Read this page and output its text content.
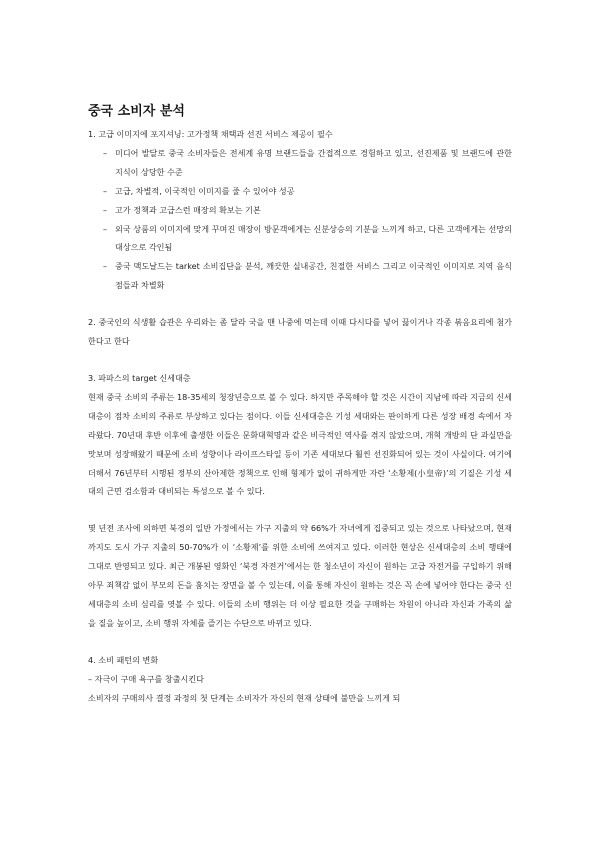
중국 소비자 분석
1. 고급 이미지에 포지셔닝: 고가정책 채택과 선진 서비스 제공이 필수
– 미디어 발달로 중국 소비자들은 전세계 유명 브랜드들을 간접적으로 경험하고 있고, 선진제품 및 브랜드에 관한 지식이 상당한 수준
– 고급, 차별적, 이국적인 이미지를 줄 수 있어야 성공
– 고가 정책과 고급스런 매장의 확보는 기본
– 외국 상품의 이미지에 맞게 꾸며진 매장이 방문객에게는 신분상승의 기분을 느끼게 하고, 다른 고객에게는 선망의 대상으로 각인됨
– 중국 맥도날드는 tarket 소비집단을 분석, 깨끗한 실내공간, 친절한 서비스 그리고 이국적인 이미지로 지역 음식점들과 차별화
2. 중국인의 식생활 습관은 우리와는 좀 달라 국을 맨 나중에 먹는데 이때 다시다를 넣어 끓이거나 각종 볶음요리에 첨가한다고 한다
3. 파파스의 target 신세대층
현재 중국 소비의 주류는 18-35세의 청장년층으로 볼 수 있다. 하지만 주목해야 할 것은 시간이 지남에 따라 지금의 신세대층이 점차 소비의 주류로 부상하고 있다는 점이다. 이들 신세대층은 기성 세대와는 판이하게 다른 성장 배경 속에서 자라왔다. 70년대 후반 이후에 출생한 이들은 문화대혁명과 같은 비극적인 역사를 겪지 않았으며, 개혁 개방의 단 과실만을 맛보며 성장해왔기 때문에 소비 성향이나 라이프스타일 등이 기존 세대보다 훨씬 선진화되어 있는 것이 사실이다. 여기에 더해서 76년부터 시행된 정부의 산아제한 정책으로 인해 형제가 없이 귀하게만 자란 ‘소황제(小皇帝)’의 기질은 기성 세대의 근면 검소함과 대비되는 특성으로 볼 수 있다.
몇 년전 조사에 의하면 북경의 일반 가정에서는 가구 지출의 약 66%가 자녀에게 집중되고 있는 것으로 나타났으며, 현재까지도 도시 가구 지출의 50-70%가 이 ‘소황제’를 위한 소비에 쓰여지고 있다. 이러한 현상은 신세대층의 소비 행태에 그대로 반영되고 있다. 최근 개봉된 영화인 ‘북경 자전거’에서는 한 청소년이 자신이 원하는 고급 자전거를 구입하기 위해 아무 죄책감 없이 부모의 돈을 훔치는 장면을 볼 수 있는데, 이를 통해 자신이 원하는 것은 꼭 손에 넣어야 한다는 중국 신세대층의 소비 심리를 엿볼 수 있다. 이들의 소비 행위는 더 이상 필요한 것을 구매하는 차원이 아니라 자신과 가족의 삶을 질을 높이고, 소비 행위 자체를 즐기는 수단으로 바뀌고 있다.
4. 소비 패턴의 변화
– 자극이 구매 욕구를 창출시킨다
소비자의 구매의사 결정 과정의 첫 단계는 소비자가 자신의 현재 상태에 불만을 느끼게 되
